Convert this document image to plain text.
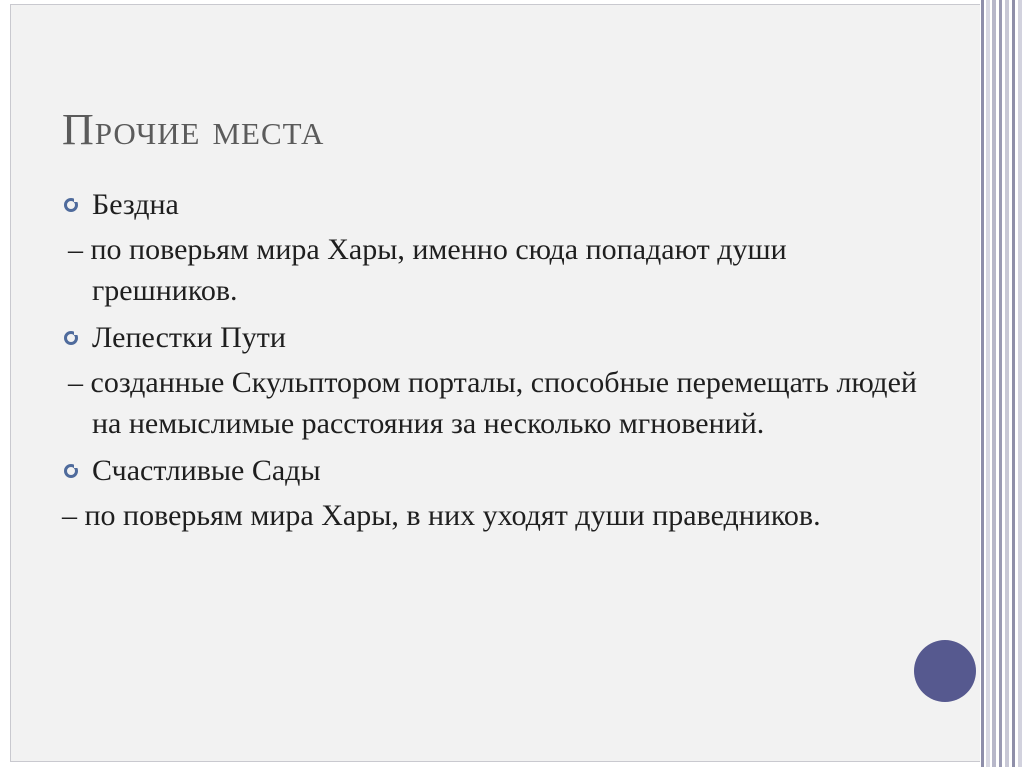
Прочие места

Бездна

– по поверьям мира Хары, именно сюда попадают души грешников.

Лепестки Пути

– созданные Скульптором порталы, способные перемещать людей на немыслимые расстояния за несколько мгновений.

Счастливые Сады

– по поверьям мира Хары, в них уходят души праведников.
